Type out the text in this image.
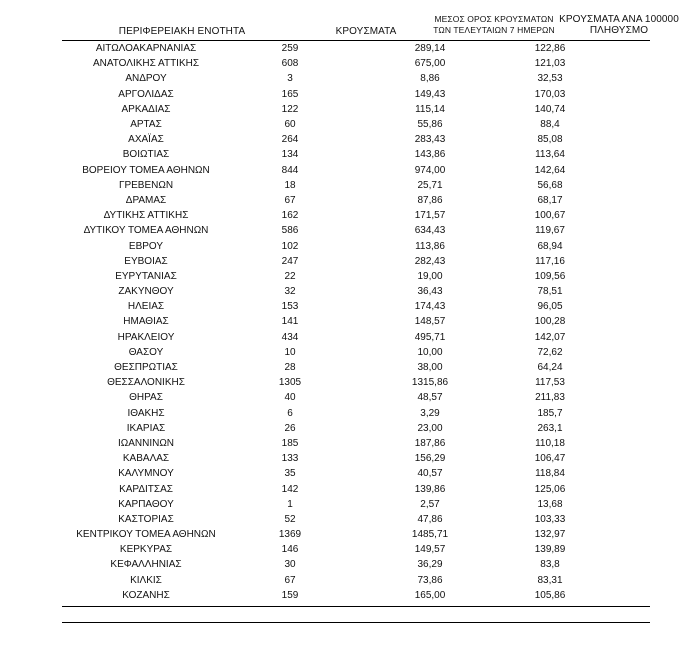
ΠΕΡΙΦΕΡΕΙΑΚΗ ΕΝΟΤΗΤΑ	ΚΡΟΥΣΜΑΤΑ
ΜΕΣΟΣ ΟΡΟΣ ΚΡΟΥΣΜΑΤΩΝ
ΤΩΝ ΤΕΛΕΥΤΑΙΩΝ 7 ΗΜΕΡΩΝ
ΚΡΟΥΣΜΑΤΑ ΑΝΑ 100000
ΠΛΗΘΥΣΜΟ
ΑΙΤΩΛΟΑΚΑΡΝΑΝΙΑΣ	259	289,14	122,86
ΑΝΑΤΟΛΙΚΗΣ ΑΤΤΙΚΗΣ	608	675,00	121,03
ΑΝΔΡΟΥ	3	8,86	32,53
ΑΡΓΟΛΙΔΑΣ	165	149,43	170,03
ΑΡΚΑΔΙΑΣ	122	115,14	140,74
ΑΡΤΑΣ	60	55,86	88,4
ΑΧΑΪΑΣ	264	283,43	85,08
ΒΟΙΩΤΙΑΣ	134	143,86	113,64
ΒΟΡΕΙΟΥ ΤΟΜΕΑ ΑΘΗΝΩΝ	844	974,00	142,64
ΓΡΕΒΕΝΩΝ	18	25,71	56,68
ΔΡΑΜΑΣ	67	87,86	68,17
ΔΥΤΙΚΗΣ ΑΤΤΙΚΗΣ	162	171,57	100,67
ΔΥΤΙΚΟΥ ΤΟΜΕΑ ΑΘΗΝΩΝ	586	634,43	119,67
ΕΒΡΟΥ	102	113,86	68,94
ΕΥΒΟΙΑΣ	247	282,43	117,16
ΕΥΡΥΤΑΝΙΑΣ	22	19,00	109,56
ΖΑΚΥΝΘΟΥ	32	36,43	78,51
ΗΛΕΙΑΣ	153	174,43	96,05
ΗΜΑΘΙΑΣ	141	148,57	100,28
ΗΡΑΚΛΕΙΟΥ	434	495,71	142,07
ΘΑΣΟΥ	10	10,00	72,62
ΘΕΣΠΡΩΤΙΑΣ	28	38,00	64,24
ΘΕΣΣΑΛΟΝΙΚΗΣ	1305	1315,86	117,53
ΘΗΡΑΣ	40	48,57	211,83
ΙΘΑΚΗΣ	6	3,29	185,7
ΙΚΑΡΙΑΣ	26	23,00	263,1
ΙΩΑΝΝΙΝΩΝ	185	187,86	110,18
ΚΑΒΑΛΑΣ	133	156,29	106,47
ΚΑΛΥΜΝΟΥ	35	40,57	118,84
ΚΑΡΔΙΤΣΑΣ	142	139,86	125,06
ΚΑΡΠΑΘΟΥ	1	2,57	13,68
ΚΑΣΤΟΡΙΑΣ	52	47,86	103,33
ΚΕΝΤΡΙΚΟΥ ΤΟΜΕΑ ΑΘΗΝΩΝ	1369	1485,71	132,97
ΚΕΡΚΥΡΑΣ	146	149,57	139,89
ΚΕΦΑΛΛΗΝΙΑΣ	30	36,29	83,8
ΚΙΛΚΙΣ	67	73,86	83,31
ΚΟΖΑΝΗΣ	159	165,00	105,86
